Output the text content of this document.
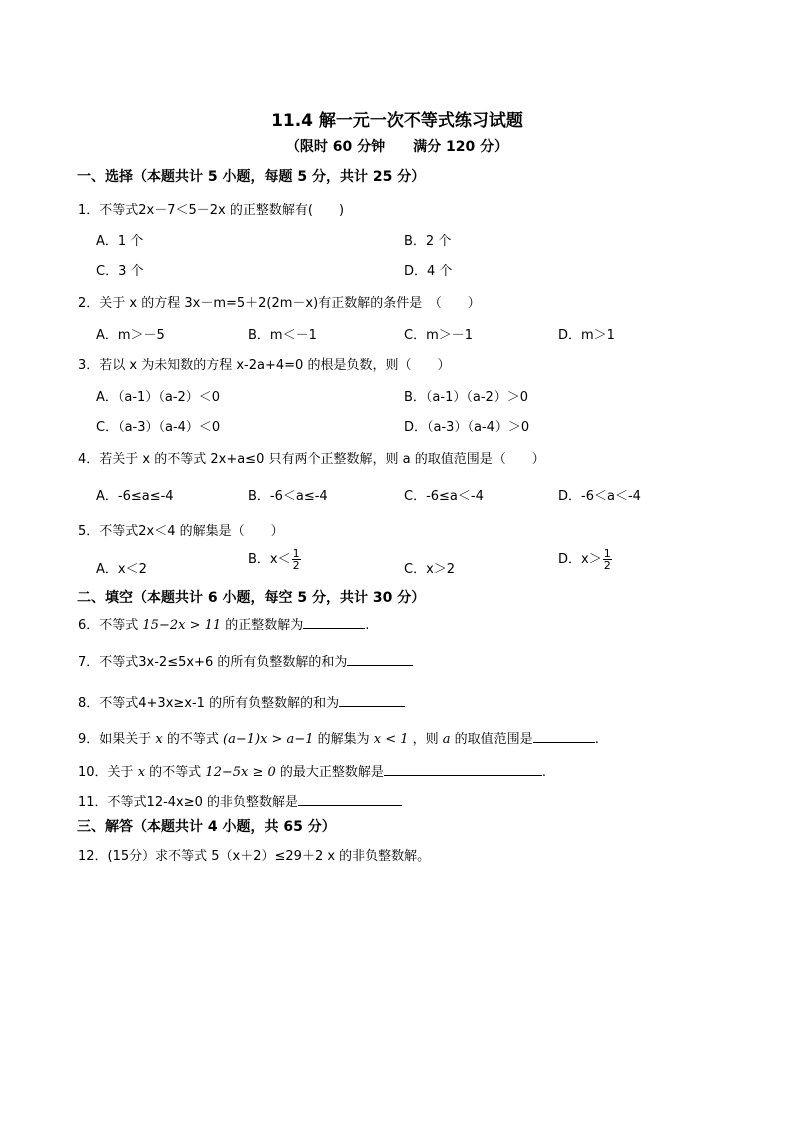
11.4 解一元一次不等式练习试题
（限时 60 分钟 满分 120 分）
一、选择（本题共计 5 小题，每题 5 分，共计 25 分）
1．不等式2x－7＜5－2x 的正整数解有(　　)
A．1 个	B．2 个
C．3 个	D．4 个
2．关于 x 的方程 3x－m=5＋2(2m－x)有正数解的条件是　（　　）
A．m＞－5	B．m＜－1	C．m＞－1	D．m＞1
3．若以 x 为未知数的方程 x-2a+4=0 的根是负数，则（　　）
A．（a-1）（a-2）＜0	B．（a-1）（a-2）＞0
C．（a-3）（a-4）＜0	D．（a-3）（a-4）＞0
4．若关于 x 的不等式 2x+a≤0 只有两个正整数解，则 a 的取值范围是（　　）
A．-6≤a≤-4	B．-6＜a≤-4	C．-6≤a＜-4	D．-6＜a＜-4
5．不等式2x＜4 的解集是（　　）
A．x＜2
B．$x< \frac{1}{2}$	C．x＞2
D．$x> \frac{1}{2}$
二、填空（本题共计 6 小题，每空 5 分，共计 30 分）
6．不等式 15−2x > 11 的正整数解为	.
7．不等式3x-2≤5x+6 的所有负整数解的和为
8．不等式4+3x≥x-1 的所有负整数解的和为
9．如果关于 x 的不等式 (a−1)x > a−1 的解集为 x < 1 ，则 a 的取值范围是	.
10．关于 x 的不等式 12−5x ≥ 0 的最大正整数解是	.
11．不等式12-4x≥0 的非负整数解是
三、解答（本题共计 4 小题，共 65 分）
12．(15分）求不等式 5（x＋2）≤29＋2 x 的非负整数解。
